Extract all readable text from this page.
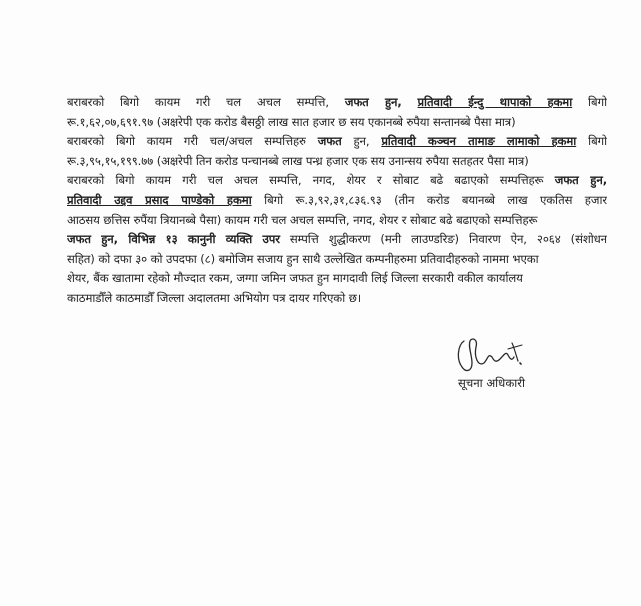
बराबरको बिगो कायम गरी चल अचल सम्पत्ति, जफत हुन, प्रतिवादी ईन्दु थापाको हकमा बिगो
रू.१,६२,०७,६९१.९७ (अक्षरेपी एक करोड बैसठ्ठी लाख सात हजार छ सय एकानब्बे रुपैया सन्तानब्बे पैसा मात्र)
बराबरको बिगो कायम गरी चल/अचल सम्पत्तिहरु जफत हुन, प्रतिवादी कञ्चन तामाङ लामाको हकमा बिगो
रू.३,९५,१५,१९९.७७ (अक्षरेपी तिन करोड पन्चानब्बे लाख पन्ध्र हजार एक सय उनान्सय रुपैया सतहतर पैसा मात्र)
बराबरको बिगो कायम गरी चल अचल सम्पत्ति, नगद, शेयर र सोबाट बढे बढाएको सम्पत्तिहरू जफत हुन,
प्रतिवादी उद्दव प्रसाद पाण्डेको हकमा बिगो रू.३,९२,३१,८३६.९३ (तीन करोड बयानब्बे लाख एकतिस हजार
आठसय छत्तिस रुपैंया त्रियानब्बे पैसा) कायम गरी चल अचल सम्पत्ति, नगद, शेयर र सोबाट बढे बढाएको सम्पत्तिहरू
जफत हुन, विभिन्न १३ कानुनी व्यक्ति उपर सम्पत्ति शुद्धीकरण (मनी लाउण्डरिङ) निवारण ऐन, २०६४ (संशोधन
सहित) को दफा ३० को उपदफा (८) बमोजिम सजाय हुन साथै उल्लेखित कम्पनीहरुमा प्रतिवादीहरुको नाममा भएका
शेयर, बैंक खातामा रहेको मौज्दात रकम, जग्गा जमिन जफत हुन मागदावी लिई जिल्ला सरकारी वकील कार्यालय
काठमाडौँले काठमाडौँ जिल्ला अदालतमा अभियोग पत्र दायर गरिएको छ।
सूचना अधिकारी
